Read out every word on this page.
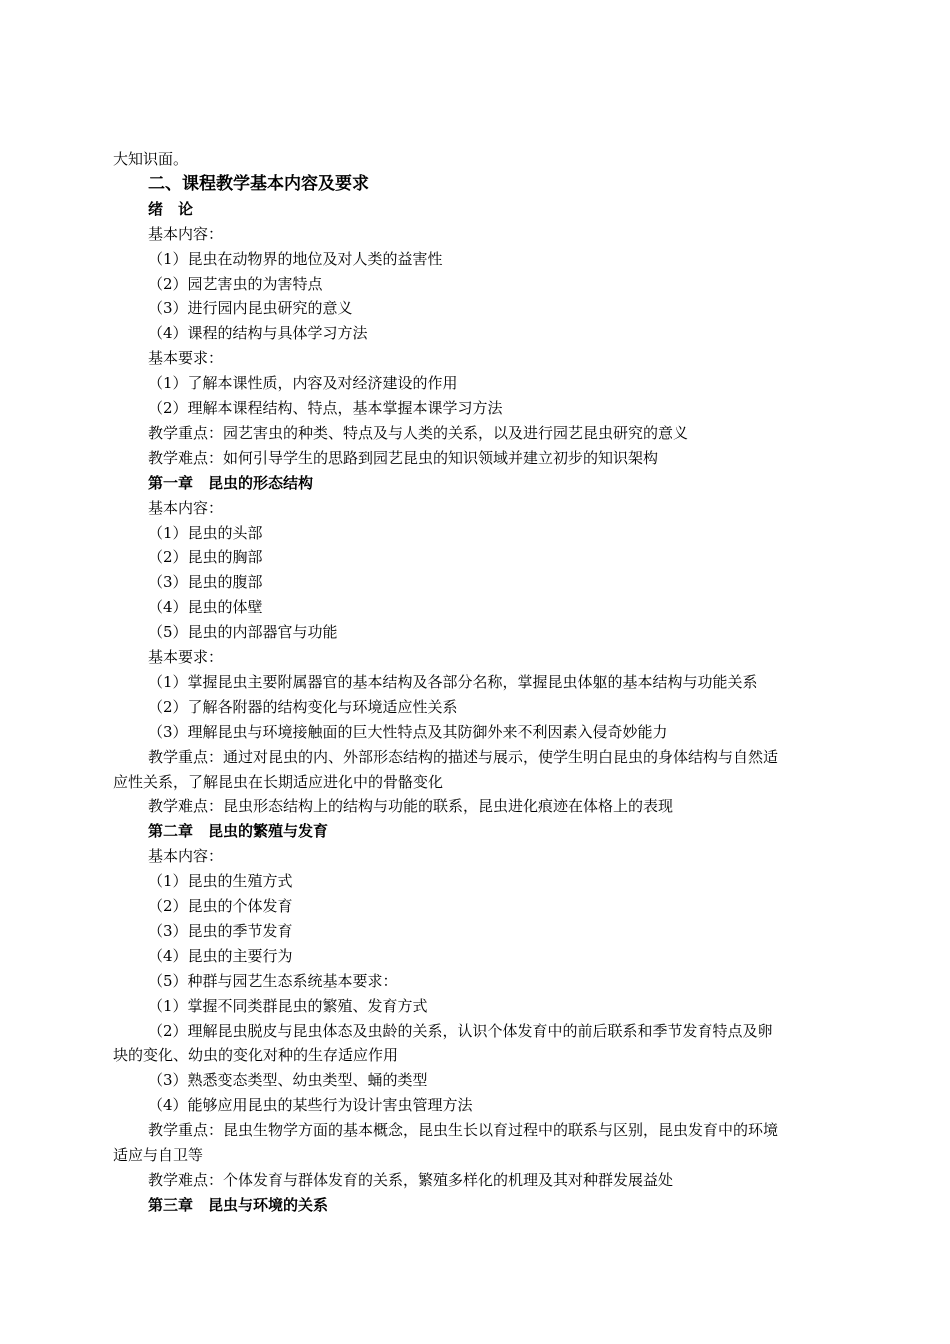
大知识面。
二、课程教学基本内容及要求
绪　论
基本内容：
（1）昆虫在动物界的地位及对人类的益害性
（2）园艺害虫的为害特点
（3）进行园内昆虫研究的意义
（4）课程的结构与具体学习方法
基本要求：
（1）了解本课性质，内容及对经济建设的作用
（2）理解本课程结构、特点，基本掌握本课学习方法
教学重点：园艺害虫的种类、特点及与人类的关系，以及进行园艺昆虫研究的意义
教学难点：如何引导学生的思路到园艺昆虫的知识领域并建立初步的知识架构
第一章　昆虫的形态结构
基本内容：
（1）昆虫的头部
（2）昆虫的胸部
（3）昆虫的腹部
（4）昆虫的体壁
（5）昆虫的内部器官与功能
基本要求：
（1）掌握昆虫主要附属器官的基本结构及各部分名称，掌握昆虫体躯的基本结构与功能关系
（2）了解各附器的结构变化与环境适应性关系
（3）理解昆虫与环境接触面的巨大性特点及其防御外来不利因素入侵奇妙能力
教学重点：通过对昆虫的内、外部形态结构的描述与展示，使学生明白昆虫的身体结构与自然适
应性关系，了解昆虫在长期适应进化中的骨骼变化
教学难点：昆虫形态结构上的结构与功能的联系，昆虫进化痕迹在体格上的表现
第二章　昆虫的繁殖与发育
基本内容：
（1）昆虫的生殖方式
（2）昆虫的个体发育
（3）昆虫的季节发育
（4）昆虫的主要行为
（5）种群与园艺生态系统基本要求：
（1）掌握不同类群昆虫的繁殖、发育方式
（2）理解昆虫脱皮与昆虫体态及虫龄的关系，认识个体发育中的前后联系和季节发育特点及卵
块的变化、幼虫的变化对种的生存适应作用
（3）熟悉变态类型、幼虫类型、蛹的类型
（4）能够应用昆虫的某些行为设计害虫管理方法
教学重点：昆虫生物学方面的基本概念，昆虫生长以育过程中的联系与区别，昆虫发育中的环境
适应与自卫等
教学难点：个体发育与群体发育的关系，繁殖多样化的机理及其对种群发展益处
第三章　昆虫与环境的关系
